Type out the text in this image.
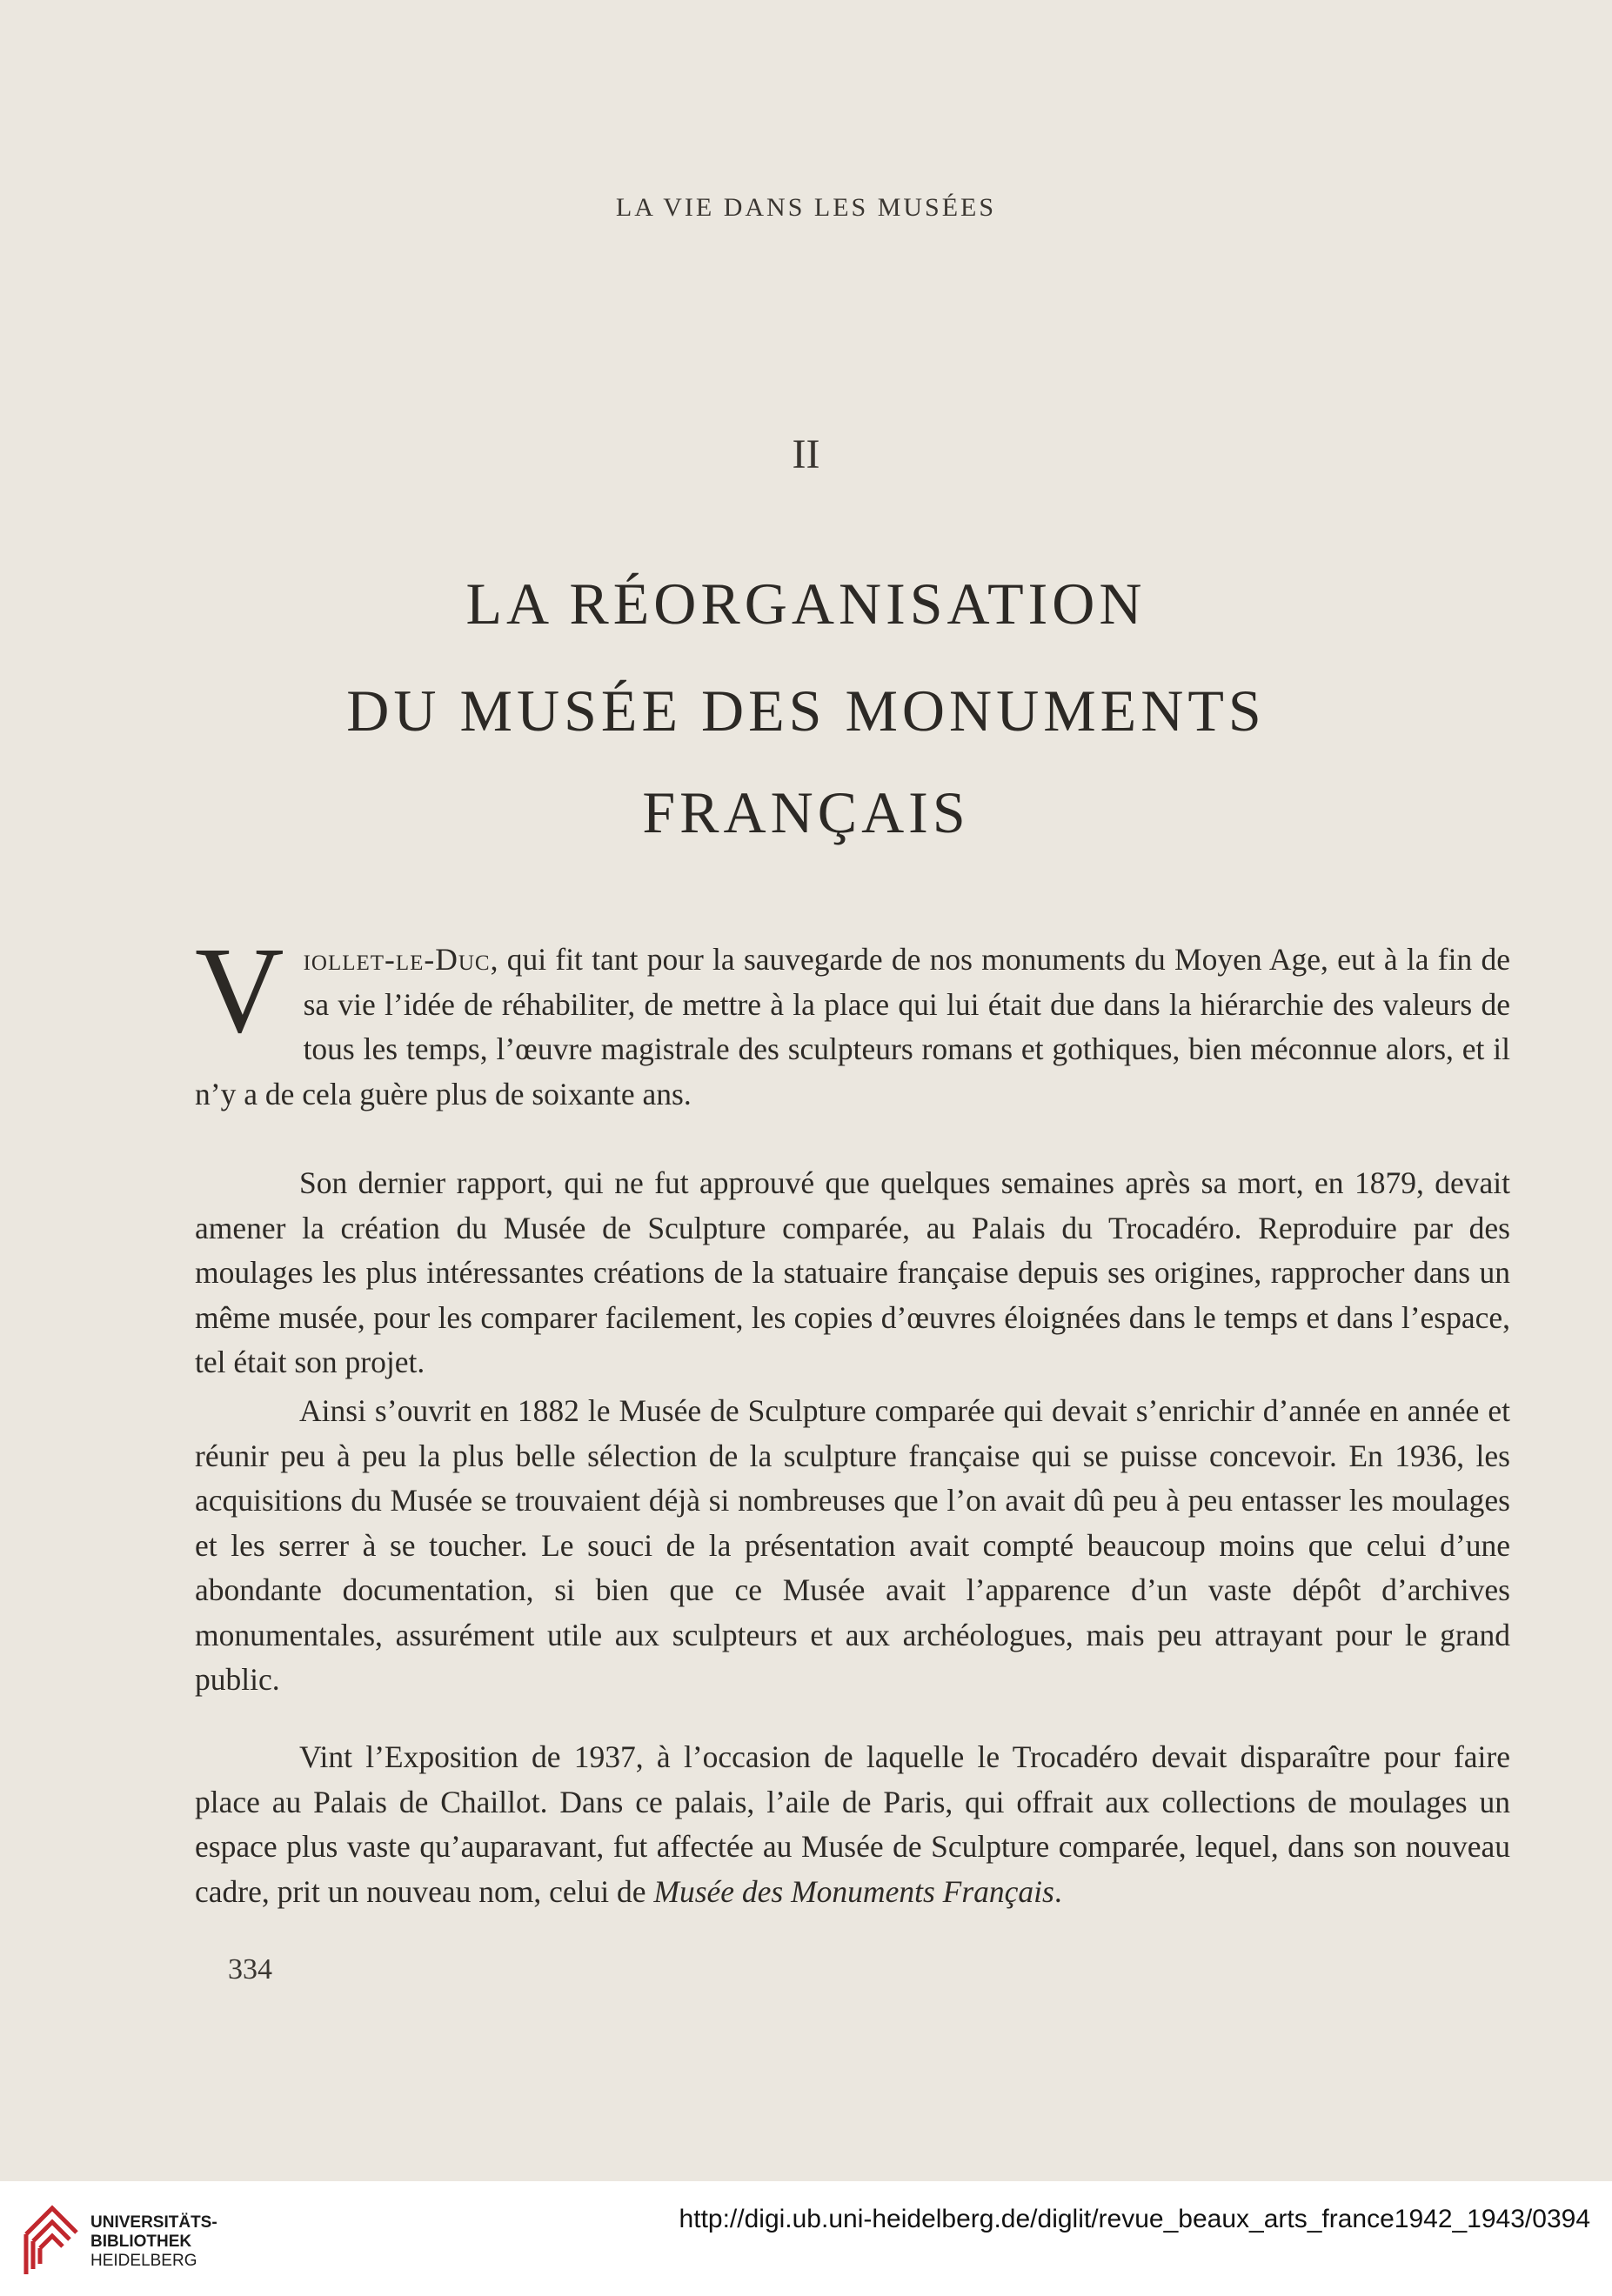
LA VIE DANS LES MUSÉES
II
LA RÉORGANISATION
DU MUSÉE DES MONUMENTS
FRANÇAIS

Viollet-le-Duc, qui fit tant pour la sauvegarde de nos monuments du Moyen Age, eut à la fin de sa vie l’idée de réhabiliter, de mettre à la place qui lui était due dans la hiérarchie des valeurs de tous les temps, l’œuvre magistrale des sculpteurs romans et gothiques, bien méconnue alors, et il n’y a de cela guère plus de soixante ans.

Son dernier rapport, qui ne fut approuvé que quelques semaines après sa mort, en 1879, devait amener la création du Musée de Sculpture comparée, au Palais du Trocadéro. Reproduire par des moulages les plus intéressantes créations de la statuaire française depuis ses origines, rapprocher dans un même musée, pour les comparer facilement, les copies d’œuvres éloignées dans le temps et dans l’espace, tel était son projet.

Ainsi s’ouvrit en 1882 le Musée de Sculpture comparée qui devait s’enrichir d’année en année et réunir peu à peu la plus belle sélection de la sculpture française qui se puisse concevoir. En 1936, les acquisitions du Musée se trouvaient déjà si nombreuses que l’on avait dû peu à peu entasser les moulages et les serrer à se toucher. Le souci de la présentation avait compté beaucoup moins que celui d’une abondante documentation, si bien que ce Musée avait l’apparence d’un vaste dépôt d’archives monumentales, assurément utile aux sculpteurs et aux archéologues, mais peu attrayant pour le grand public.

Vint l’Exposition de 1937, à l’occasion de laquelle le Trocadéro devait disparaître pour faire place au Palais de Chaillot. Dans ce palais, l’aile de Paris, qui offrait aux collections de moulages un espace plus vaste qu’auparavant, fut affectée au Musée de Sculpture comparée, lequel, dans son nouveau cadre, prit un nouveau nom, celui de Musée des Monuments Français.

334
UNIVERSITÄTS-
BIBLIOTHEK
HEIDELBERG
http://digi.ub.uni-heidelberg.de/diglit/revue_beaux_arts_france1942_1943/0394
